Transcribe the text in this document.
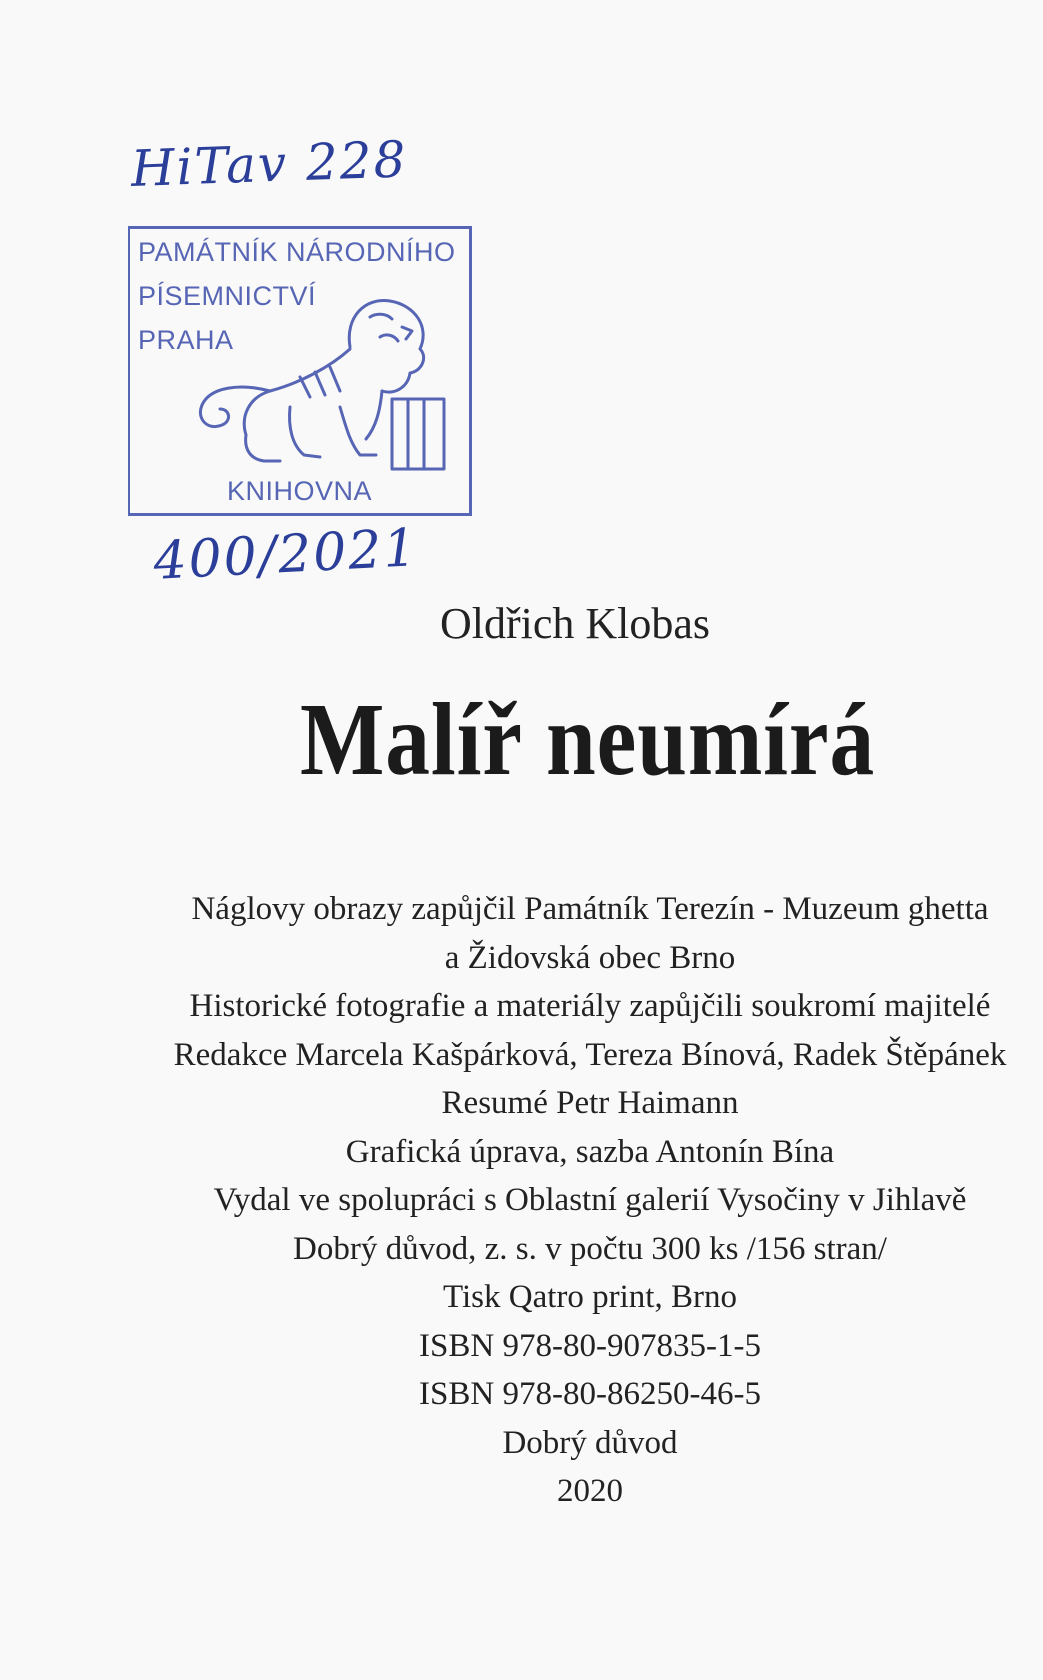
HiTav 228
PAMÁTNÍK NÁRODNÍHO
PÍSEMNICTVÍ
PRAHA
KNIHOVNA
400/2021
Oldřich Klobas
Malíř neumírá
Náglovy obrazy zapůjčil Památník Terezín - Muzeum ghetta
a Židovská obec Brno
Historické fotografie a materiály zapůjčili soukromí majitelé
Redakce Marcela Kašpárková, Tereza Bínová, Radek Štěpánek
Resumé Petr Haimann
Grafická úprava, sazba Antonín Bína
Vydal ve spolupráci s Oblastní galerií Vysočiny v Jihlavě
Dobrý důvod, z. s. v počtu 300 ks /156 stran/
Tisk Qatro print, Brno
ISBN 978-80-907835-1-5
ISBN 978-80-86250-46-5
Dobrý důvod
2020
